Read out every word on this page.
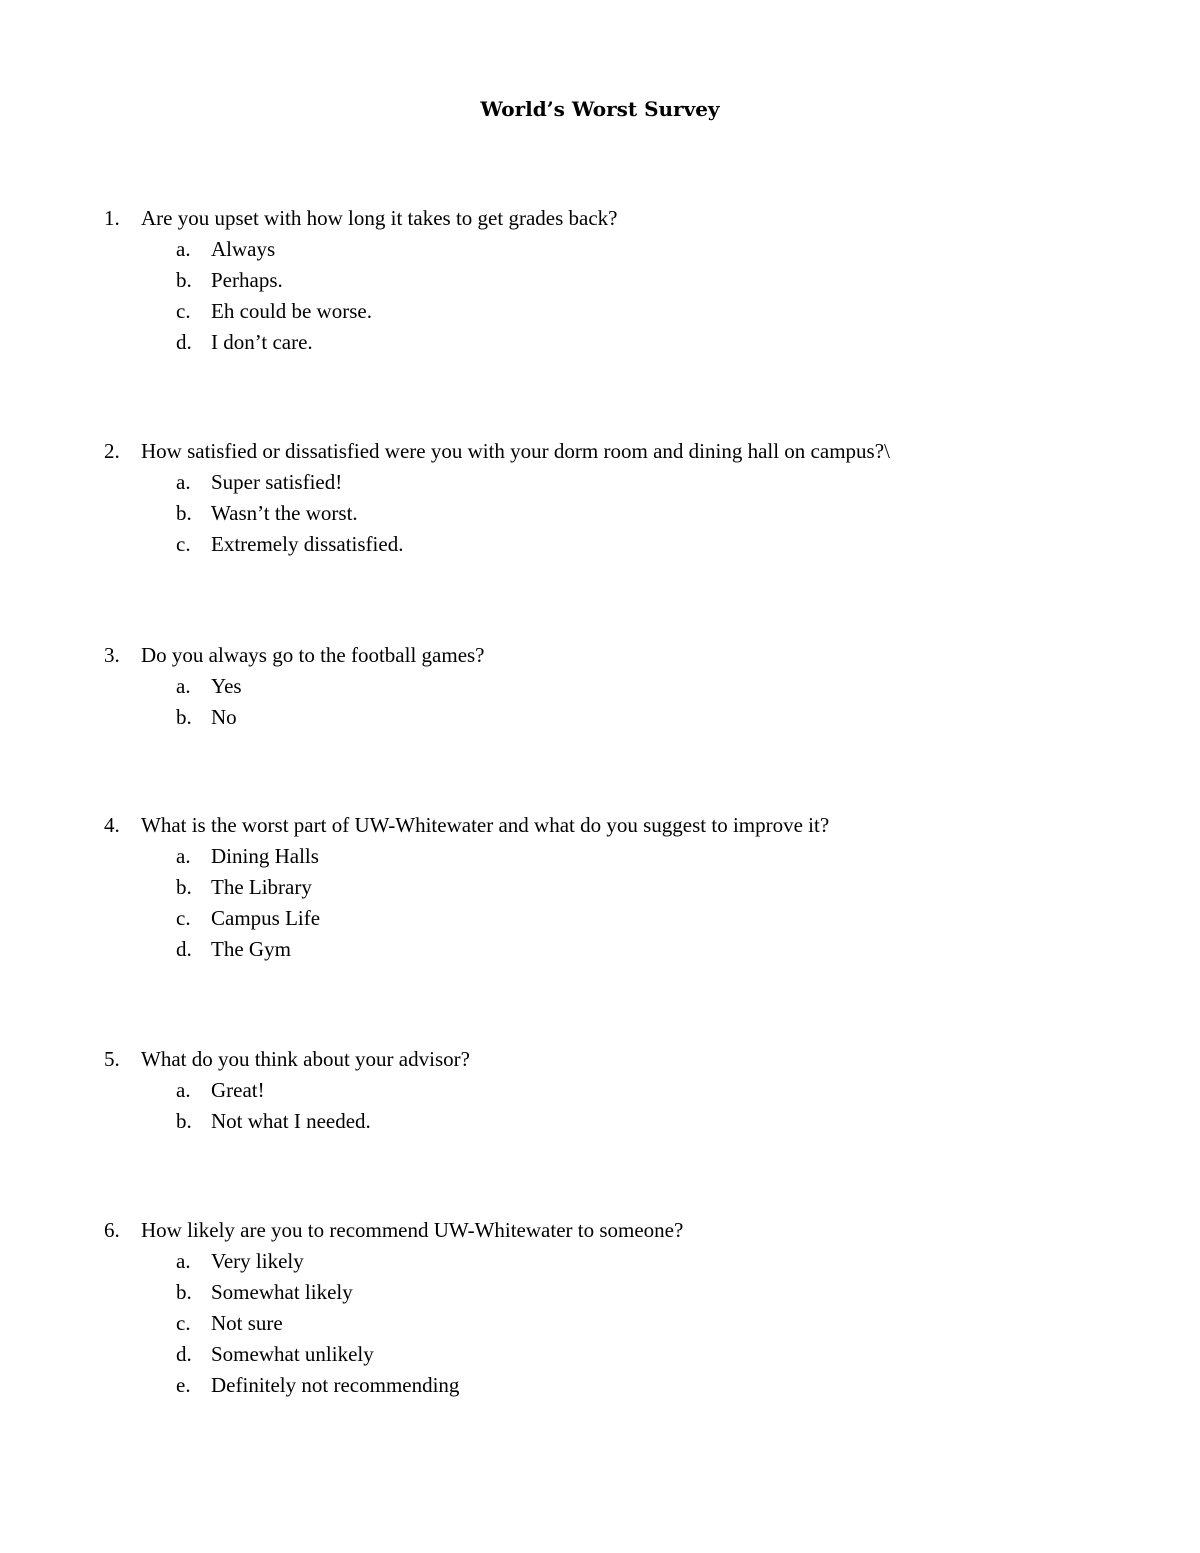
World’s Worst Survey
1. Are you upset with how long it takes to get grades back?
a. Always
b. Perhaps.
c. Eh could be worse.
d. I don’t care.
2. How satisfied or dissatisfied were you with your dorm room and dining hall on campus?\
a. Super satisfied!
b. Wasn’t the worst.
c. Extremely dissatisfied.
3. Do you always go to the football games?
a. Yes
b. No
4. What is the worst part of UW-Whitewater and what do you suggest to improve it?
a. Dining Halls
b. The Library
c. Campus Life
d. The Gym
5. What do you think about your advisor?
a. Great!
b. Not what I needed.
6. How likely are you to recommend UW-Whitewater to someone?
a. Very likely
b. Somewhat likely
c. Not sure
d. Somewhat unlikely
e. Definitely not recommending
